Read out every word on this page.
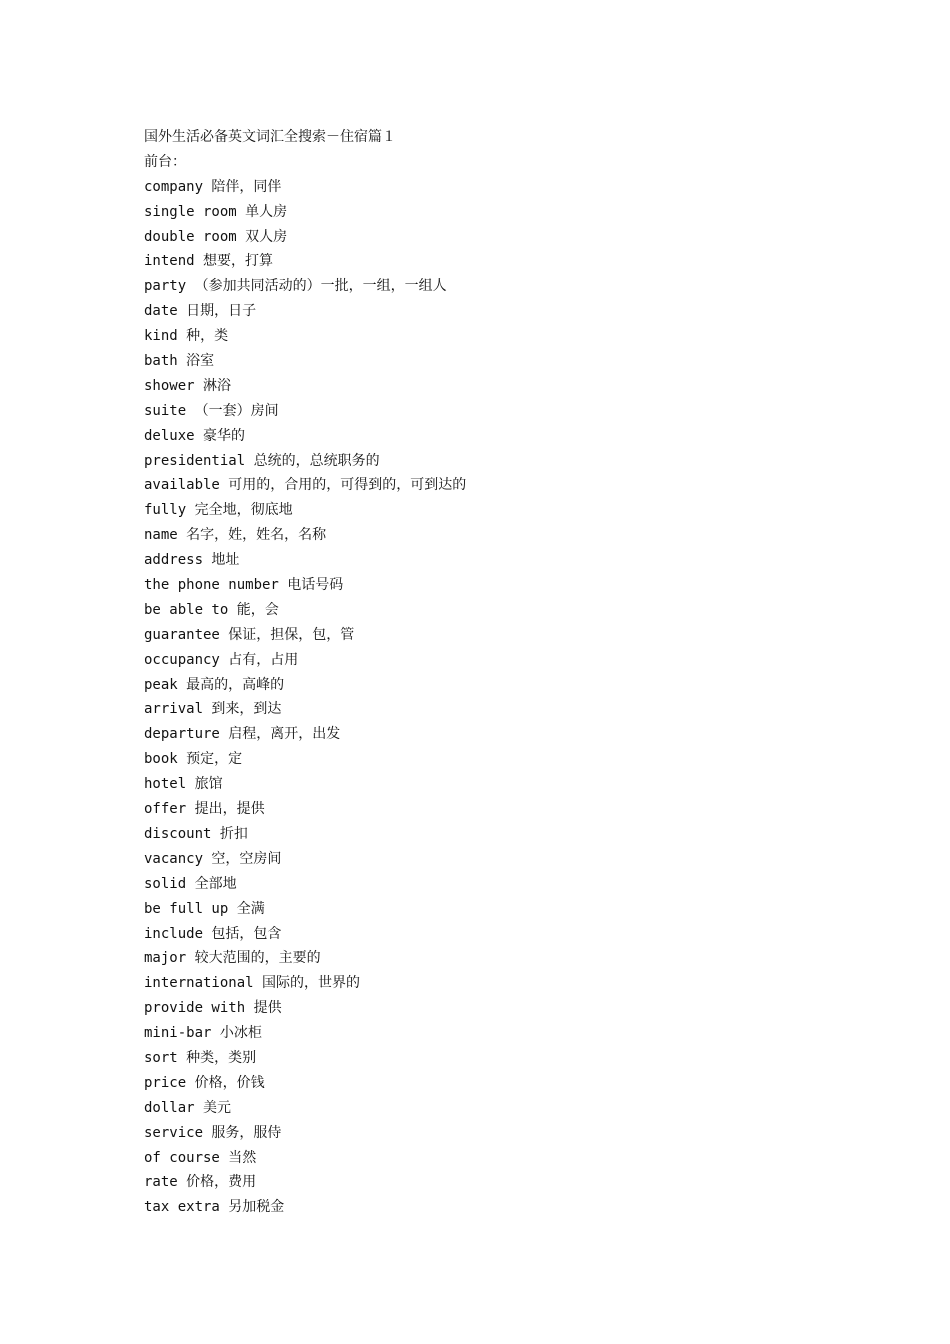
国外生活必备英文词汇全搜索－住宿篇１
前台：
company 陪伴，同伴
single room 单人房
double room 双人房
intend 想要，打算
party （参加共同活动的）一批，一组，一组人
date 日期，日子
kind 种，类
bath 浴室
shower 淋浴
suite （一套）房间
deluxe 豪华的
presidential 总统的，总统职务的
available 可用的，合用的，可得到的，可到达的
fully 完全地，彻底地
name 名字，姓，姓名，名称
address 地址
the phone number 电话号码
be able to 能，会
guarantee 保证，担保，包，管
occupancy 占有，占用
peak 最高的，高峰的
arrival 到来，到达
departure 启程，离开，出发
book 预定，定
hotel 旅馆
offer 提出，提供
discount 折扣
vacancy 空，空房间
solid 全部地
be full up 全满
include 包括，包含
major 较大范围的，主要的
international 国际的，世界的
provide with 提供
mini-bar 小冰柜
sort 种类，类别
price 价格，价钱
dollar 美元
service 服务，服侍
of course 当然
rate 价格，费用
tax extra 另加税金
